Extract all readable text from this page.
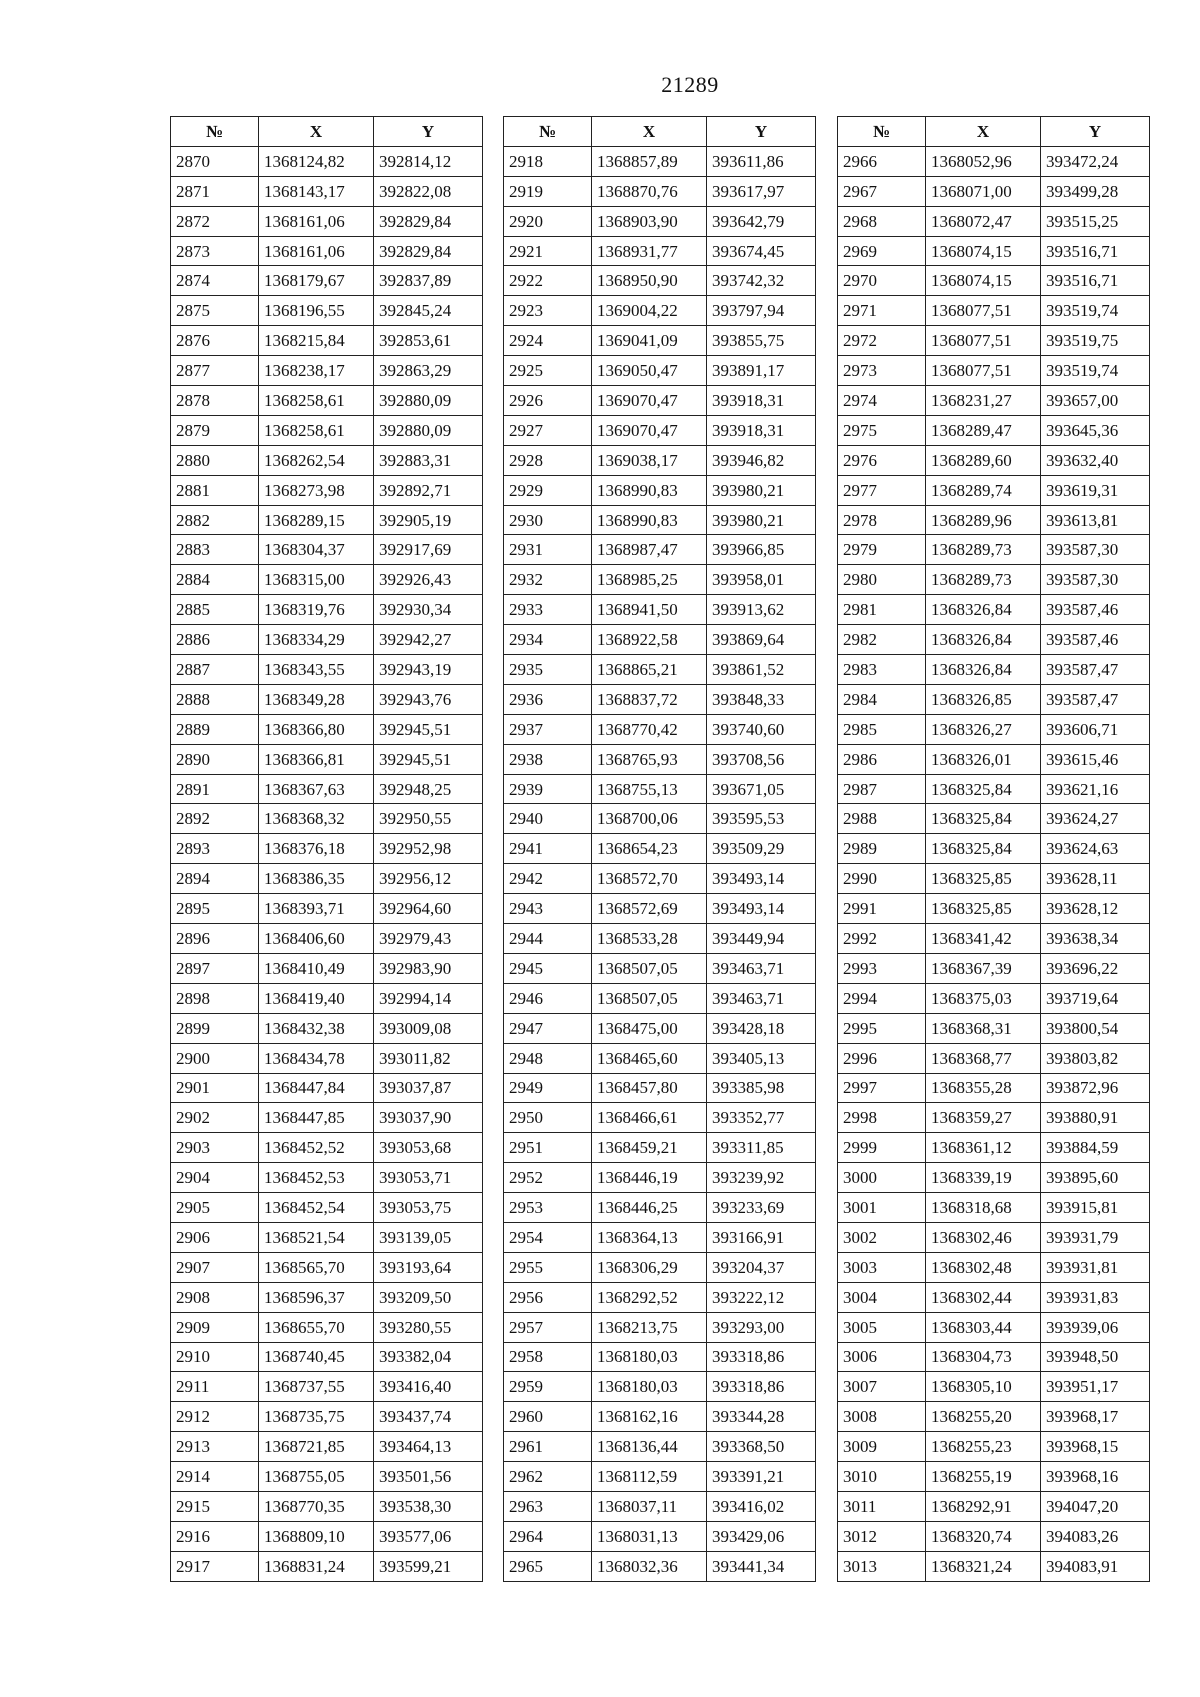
21289
№	X	Y
2870	1368124,82	392814,12
2871	1368143,17	392822,08
2872	1368161,06	392829,84
2873	1368161,06	392829,84
2874	1368179,67	392837,89
2875	1368196,55	392845,24
2876	1368215,84	392853,61
2877	1368238,17	392863,29
2878	1368258,61	392880,09
2879	1368258,61	392880,09
2880	1368262,54	392883,31
2881	1368273,98	392892,71
2882	1368289,15	392905,19
2883	1368304,37	392917,69
2884	1368315,00	392926,43
2885	1368319,76	392930,34
2886	1368334,29	392942,27
2887	1368343,55	392943,19
2888	1368349,28	392943,76
2889	1368366,80	392945,51
2890	1368366,81	392945,51
2891	1368367,63	392948,25
2892	1368368,32	392950,55
2893	1368376,18	392952,98
2894	1368386,35	392956,12
2895	1368393,71	392964,60
2896	1368406,60	392979,43
2897	1368410,49	392983,90
2898	1368419,40	392994,14
2899	1368432,38	393009,08
2900	1368434,78	393011,82
2901	1368447,84	393037,87
2902	1368447,85	393037,90
2903	1368452,52	393053,68
2904	1368452,53	393053,71
2905	1368452,54	393053,75
2906	1368521,54	393139,05
2907	1368565,70	393193,64
2908	1368596,37	393209,50
2909	1368655,70	393280,55
2910	1368740,45	393382,04
2911	1368737,55	393416,40
2912	1368735,75	393437,74
2913	1368721,85	393464,13
2914	1368755,05	393501,56
2915	1368770,35	393538,30
2916	1368809,10	393577,06
2917	1368831,24	393599,21
№	X	Y
2918	1368857,89	393611,86
2919	1368870,76	393617,97
2920	1368903,90	393642,79
2921	1368931,77	393674,45
2922	1368950,90	393742,32
2923	1369004,22	393797,94
2924	1369041,09	393855,75
2925	1369050,47	393891,17
2926	1369070,47	393918,31
2927	1369070,47	393918,31
2928	1369038,17	393946,82
2929	1368990,83	393980,21
2930	1368990,83	393980,21
2931	1368987,47	393966,85
2932	1368985,25	393958,01
2933	1368941,50	393913,62
2934	1368922,58	393869,64
2935	1368865,21	393861,52
2936	1368837,72	393848,33
2937	1368770,42	393740,60
2938	1368765,93	393708,56
2939	1368755,13	393671,05
2940	1368700,06	393595,53
2941	1368654,23	393509,29
2942	1368572,70	393493,14
2943	1368572,69	393493,14
2944	1368533,28	393449,94
2945	1368507,05	393463,71
2946	1368507,05	393463,71
2947	1368475,00	393428,18
2948	1368465,60	393405,13
2949	1368457,80	393385,98
2950	1368466,61	393352,77
2951	1368459,21	393311,85
2952	1368446,19	393239,92
2953	1368446,25	393233,69
2954	1368364,13	393166,91
2955	1368306,29	393204,37
2956	1368292,52	393222,12
2957	1368213,75	393293,00
2958	1368180,03	393318,86
2959	1368180,03	393318,86
2960	1368162,16	393344,28
2961	1368136,44	393368,50
2962	1368112,59	393391,21
2963	1368037,11	393416,02
2964	1368031,13	393429,06
2965	1368032,36	393441,34
№	X	Y
2966	1368052,96	393472,24
2967	1368071,00	393499,28
2968	1368072,47	393515,25
2969	1368074,15	393516,71
2970	1368074,15	393516,71
2971	1368077,51	393519,74
2972	1368077,51	393519,75
2973	1368077,51	393519,74
2974	1368231,27	393657,00
2975	1368289,47	393645,36
2976	1368289,60	393632,40
2977	1368289,74	393619,31
2978	1368289,96	393613,81
2979	1368289,73	393587,30
2980	1368289,73	393587,30
2981	1368326,84	393587,46
2982	1368326,84	393587,46
2983	1368326,84	393587,47
2984	1368326,85	393587,47
2985	1368326,27	393606,71
2986	1368326,01	393615,46
2987	1368325,84	393621,16
2988	1368325,84	393624,27
2989	1368325,84	393624,63
2990	1368325,85	393628,11
2991	1368325,85	393628,12
2992	1368341,42	393638,34
2993	1368367,39	393696,22
2994	1368375,03	393719,64
2995	1368368,31	393800,54
2996	1368368,77	393803,82
2997	1368355,28	393872,96
2998	1368359,27	393880,91
2999	1368361,12	393884,59
3000	1368339,19	393895,60
3001	1368318,68	393915,81
3002	1368302,46	393931,79
3003	1368302,48	393931,81
3004	1368302,44	393931,83
3005	1368303,44	393939,06
3006	1368304,73	393948,50
3007	1368305,10	393951,17
3008	1368255,20	393968,17
3009	1368255,23	393968,15
3010	1368255,19	393968,16
3011	1368292,91	394047,20
3012	1368320,74	394083,26
3013	1368321,24	394083,91
